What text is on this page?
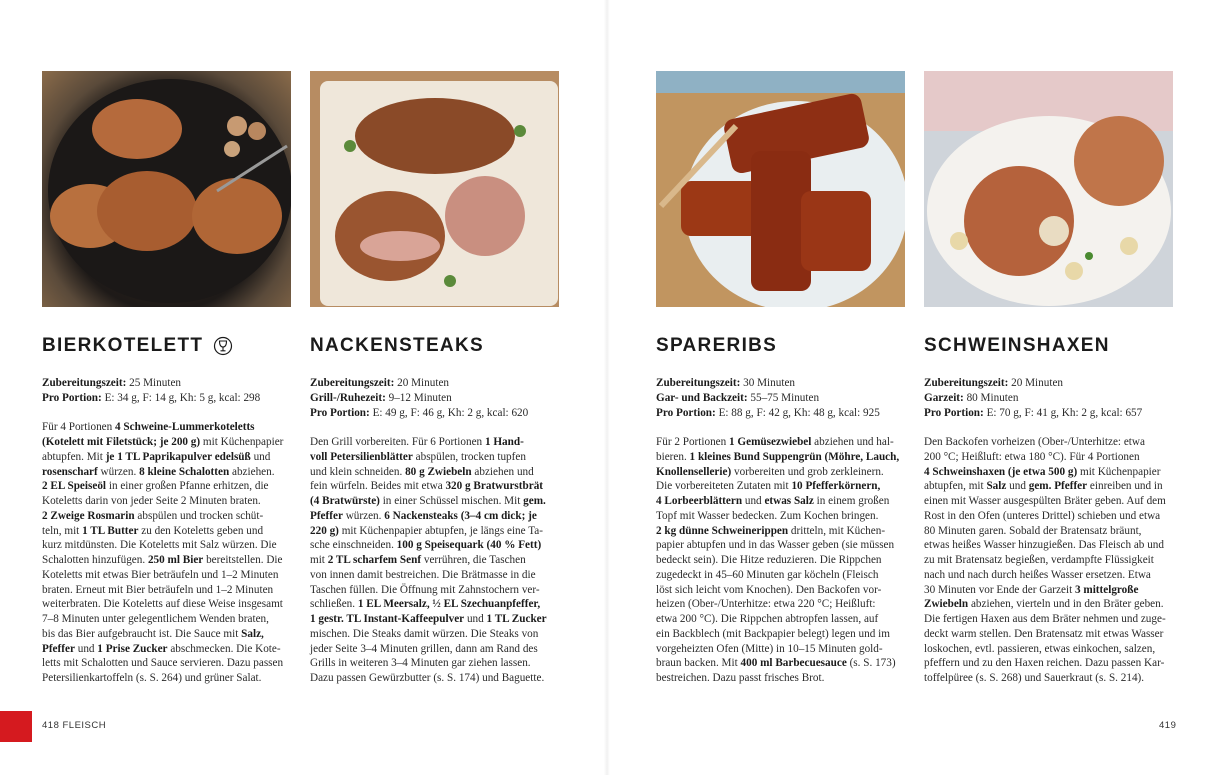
BIERKOTELETT
Zubereitungszeit: 25 Minuten
Pro Portion: E: 34 g, F: 14 g, Kh: 5 g, kcal: 298
Für 4 Portionen 4 Schweine-Lummerkoteletts
(Kotelett mit Filetstück; je 200 g) mit Küchenpapier
abtupfen. Mit je 1 TL Paprikapulver edelsüß und
rosenscharf würzen. 8 kleine Schalotten abziehen.
2 EL Speiseöl in einer großen Pfanne erhitzen, die
Koteletts darin von jeder Seite 2 Minuten braten.
2 Zweige Rosmarin abspülen und trocken schüt-
teln, mit 1 TL Butter zu den Koteletts geben und
kurz mitdünsten. Die Koteletts mit Salz würzen. Die
Schalotten hinzufügen. 250 ml Bier bereitstellen. Die
Koteletts mit etwas Bier beträufeln und 1–2 Minuten
braten. Erneut mit Bier beträufeln und 1–2 Minuten
weiterbraten. Die Koteletts auf diese Weise insgesamt
7–8 Minuten unter gelegentlichem Wenden braten,
bis das Bier aufgebraucht ist. Die Sauce mit Salz,
Pfeffer und 1 Prise Zucker abschmecken. Die Kote-
letts mit Schalotten und Sauce servieren. Dazu passen
Petersilienkartoffeln (s. S. 264) und grüner Salat.
NACKENSTEAKS
Zubereitungszeit: 20 Minuten
Grill-/Ruhezeit: 9–12 Minuten
Pro Portion: E: 49 g, F: 46 g, Kh: 2 g, kcal: 620
Den Grill vorbereiten. Für 6 Portionen 1 Hand-
voll Petersilienblätter abspülen, trocken tupfen
und klein schneiden. 80 g Zwiebeln abziehen und
fein würfeln. Beides mit etwa 320 g Bratwurstbrät
(4 Bratwürste) in einer Schüssel mischen. Mit gem.
Pfeffer würzen. 6 Nackensteaks (3–4 cm dick; je
220 g) mit Küchenpapier abtupfen, je längs eine Ta-
sche einschneiden. 100 g Speisequark (40 % Fett)
mit 2 TL scharfem Senf verrühren, die Taschen
von innen damit bestreichen. Die Brätmasse in die
Taschen füllen. Die Öffnung mit Zahnstochern ver-
schließen. 1 EL Meersalz, ½ EL Szechuanpfeffer,
1 gestr. TL Instant-Kaffeepulver und 1 TL Zucker
mischen. Die Steaks damit würzen. Die Steaks von
jeder Seite 3–4 Minuten grillen, dann am Rand des
Grills in weiteren 3–4 Minuten gar ziehen lassen.
Dazu passen Gewürzbutter (s. S. 174) und Baguette.
SPARERIBS
Zubereitungszeit: 30 Minuten
Gar- und Backzeit: 55–75 Minuten
Pro Portion: E: 88 g, F: 42 g, Kh: 48 g, kcal: 925
Für 2 Portionen 1 Gemüsezwiebel abziehen und hal-
bieren. 1 kleines Bund Suppengrün (Möhre, Lauch,
Knollensellerie) vorbereiten und grob zerkleinern.
Die vorbereiteten Zutaten mit 10 Pfefferkörnern,
4 Lorbeerblättern und etwas Salz in einem großen
Topf mit Wasser bedecken. Zum Kochen bringen.
2 kg dünne Schweinerippen dritteln, mit Küchen-
papier abtupfen und in das Wasser geben (sie müssen
bedeckt sein). Die Hitze reduzieren. Die Rippchen
zugedeckt in 45–60 Minuten gar köcheln (Fleisch
löst sich leicht vom Knochen). Den Backofen vor-
heizen (Ober-/Unterhitze: etwa 220 °C; Heißluft:
etwa 200 °C). Die Rippchen abtropfen lassen, auf
ein Backblech (mit Backpapier belegt) legen und im
vorgeheizten Ofen (Mitte) in 10–15 Minuten gold-
braun backen. Mit 400 ml Barbecuesauce (s. S. 173)
bestreichen. Dazu passt frisches Brot.
SCHWEINSHAXEN
Zubereitungszeit: 20 Minuten
Garzeit: 80 Minuten
Pro Portion: E: 70 g, F: 41 g, Kh: 2 g, kcal: 657
Den Backofen vorheizen (Ober-/Unterhitze: etwa
200 °C; Heißluft: etwa 180 °C). Für 4 Portionen
4 Schweinshaxen (je etwa 500 g) mit Küchenpapier
abtupfen, mit Salz und gem. Pfeffer einreiben und in
einen mit Wasser ausgespülten Bräter geben. Auf dem
Rost in den Ofen (unteres Drittel) schieben und etwa
80 Minuten garen. Sobald der Bratensatz bräunt,
etwas heißes Wasser hinzugießen. Das Fleisch ab und
zu mit Bratensatz begießen, verdampfte Flüssigkeit
nach und nach durch heißes Wasser ersetzen. Etwa
30 Minuten vor Ende der Garzeit 3 mittelgroße
Zwiebeln abziehen, vierteln und in den Bräter geben.
Die fertigen Haxen aus dem Bräter nehmen und zuge-
deckt warm stellen. Den Bratensatz mit etwas Wasser
loskochen, evtl. passieren, etwas einkochen, salzen,
pfeffern und zu den Haxen reichen. Dazu passen Kar-
toffelpüree (s. S. 268) und Sauerkraut (s. S. 214).
418 FLEISCH	419
